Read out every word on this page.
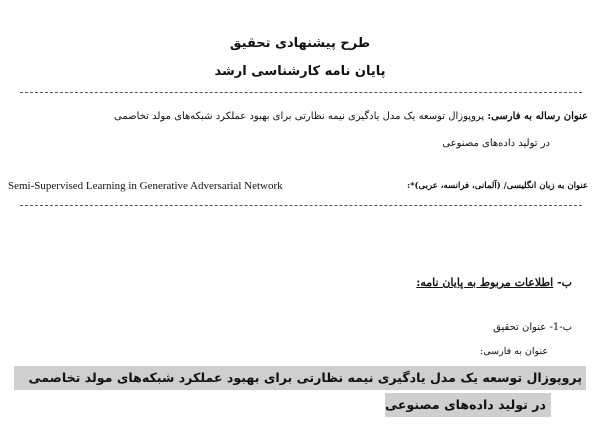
طرح پیشنهادی تحقیق
پایان نامه کارشناسی ارشد
عنوان رساله به فارسی: پروپوزال توسعه یک مدل یادگیری نیمه نظارتی برای بهبود عملکرد شبکه‌های مولد تخاصمی
در تولید داده‌های مصنوعی
Semi-Supervised Learning in Generative Adversarial Network	عنوان به زبان انگلیسی/ (آلمانی، فرانسه، عربی)*:
ب- اطلاعات مربوط به پایان نامه:
ب-1- عنوان تحقیق
عنوان به فارسی:
پروپوزال توسعه یک مدل یادگیری نیمه نظارتی برای بهبود عملکرد شبکه‌های مولد تخاصمی
در تولید داده‌های مصنوعی
